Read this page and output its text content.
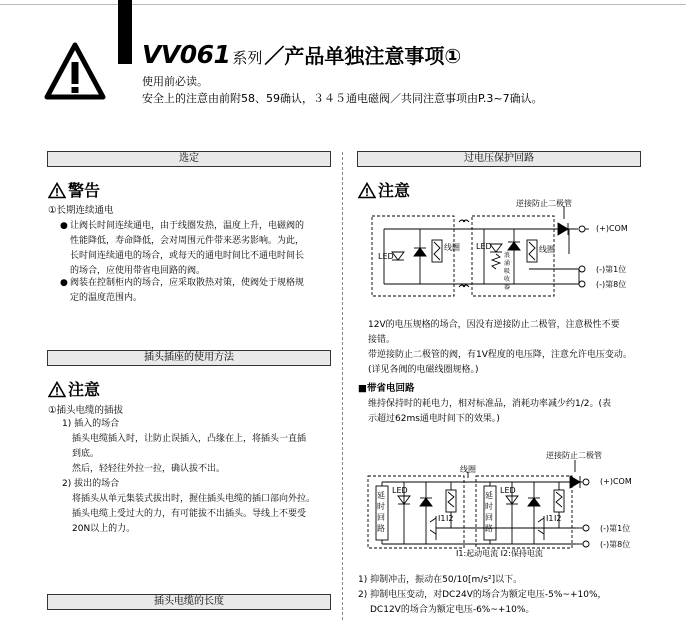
VV061 系列 ／产品单独注意事项①
使用前必读。
安全上的注意由前附58、59确认，３４５通电磁阀／共同注意事项由P.3~7确认。
选定
警告
①长期连续通电
● 让阀长时间连续通电，由于线圈发热，温度上升，电磁阀的
性能降低，寿命降低，会对周围元件带来恶劣影响。为此，
长时间连续通电的场合，或每天的通电时间比不通电时间长
的场合，应使用带省电回路的阀。
● 阀装在控制柜内的场合，应采取散热对策，使阀处于规格规
定的温度范围内。
插头插座的使用方法
注意
①插头电缆的插拔
1) 插入的场合
插头电缆插入时，让防止误插入，凸缘在上，将插头一直插
到底。
然后，轻轻往外拉一拉，确认拔不出。
2) 拔出的场合
将插头从单元集装式拔出时，握住插头电缆的插口部向外拉。
插头电缆上受过大的力，有可能拔不出插头。导线上不要受
20N以上的力。
插头电缆的长度
过电压保护回路
注意
逆接防止二极管
(+)COM
(-)第1位
(-)第8位
LED
LED
线圈	线圈
浪涌吸收器
12V的电压规格的场合，因没有逆接防止二极管，注意极性不要
接错。
带逆接防止二极管的阀，有1V程度的电压降，注意允许电压变动。
(详见各阀的电磁线圈规格。)
■带省电回路
维持保持时的耗电力，相对标准品，消耗功率减少约1/2。(表
示超过62ms通电时间下的效果。)
逆接防止二极管
线圈
延时回路
延时回路
LED	LED
I1 I2	I1 I2
(+)COM
(-)第1位
(-)第8位
I1:起动电流 I2:保持电流
1) 抑制冲击，振动在50/10[m/s²]以下。
2) 抑制电压变动，对DC24V的场合为额定电压-5%~+10%，
DC12V的场合为额定电压-6%~+10%。
